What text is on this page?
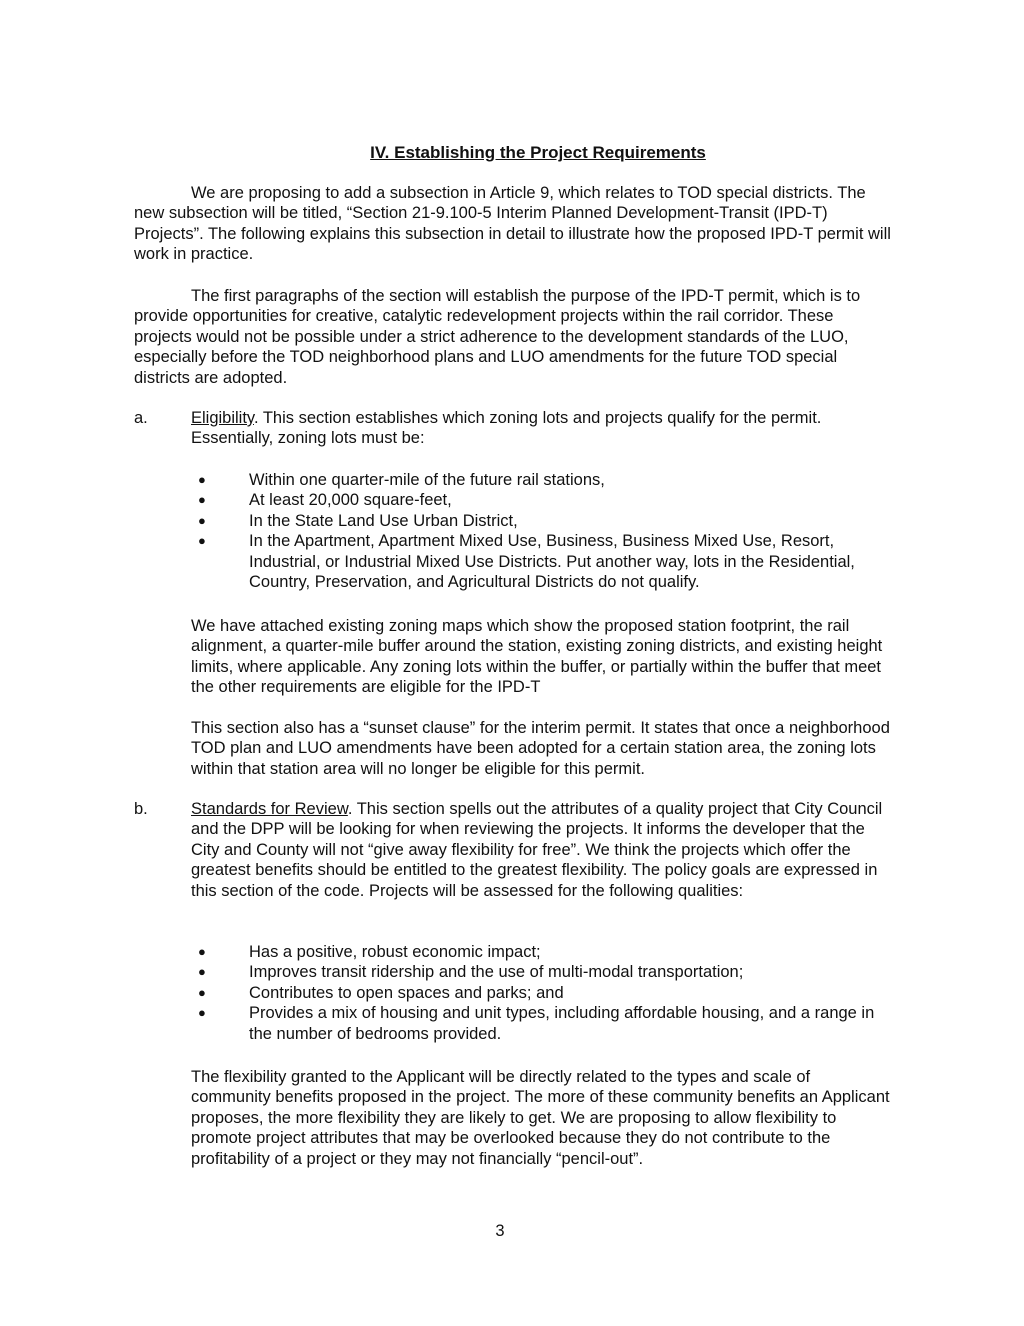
IV. Establishing the Project Requirements

We are proposing to add a subsection in Article 9, which relates to TOD special districts. The new subsection will be titled, “Section 21-9.100-5 Interim Planned Development-Transit (IPD-T) Projects”. The following explains this subsection in detail to illustrate how the proposed IPD-T permit will work in practice.

The first paragraphs of the section will establish the purpose of the IPD-T permit, which is to provide opportunities for creative, catalytic redevelopment projects within the rail corridor. These projects would not be possible under a strict adherence to the development standards of the LUO, especially before the TOD neighborhood plans and LUO amendments for the future TOD special districts are adopted.

a.	Eligibility. This section establishes which zoning lots and projects qualify for the permit. Essentially, zoning lots must be:

●	Within one quarter-mile of the future rail stations,
●	At least 20,000 square-feet,
●	In the State Land Use Urban District,
●	In the Apartment, Apartment Mixed Use, Business, Business Mixed Use, Resort, Industrial, or Industrial Mixed Use Districts. Put another way, lots in the Residential, Country, Preservation, and Agricultural Districts do not qualify.

We have attached existing zoning maps which show the proposed station footprint, the rail alignment, a quarter-mile buffer around the station, existing zoning districts, and existing height limits, where applicable. Any zoning lots within the buffer, or partially within the buffer that meet the other requirements are eligible for the IPD-T

This section also has a “sunset clause” for the interim permit. It states that once a neighborhood TOD plan and LUO amendments have been adopted for a certain station area, the zoning lots within that station area will no longer be eligible for this permit.

b.	Standards for Review. This section spells out the attributes of a quality project that City Council and the DPP will be looking for when reviewing the projects. It informs the developer that the City and County will not “give away flexibility for free”. We think the projects which offer the greatest benefits should be entitled to the greatest flexibility. The policy goals are expressed in this section of the code. Projects will be assessed for the following qualities:

●	Has a positive, robust economic impact;
●	Improves transit ridership and the use of multi-modal transportation;
●	Contributes to open spaces and parks; and
●	Provides a mix of housing and unit types, including affordable housing, and a range in the number of bedrooms provided.

The flexibility granted to the Applicant will be directly related to the types and scale of community benefits proposed in the project. The more of these community benefits an Applicant proposes, the more flexibility they are likely to get. We are proposing to allow flexibility to promote project attributes that may be overlooked because they do not contribute to the profitability of a project or they may not financially “pencil-out”.

3
